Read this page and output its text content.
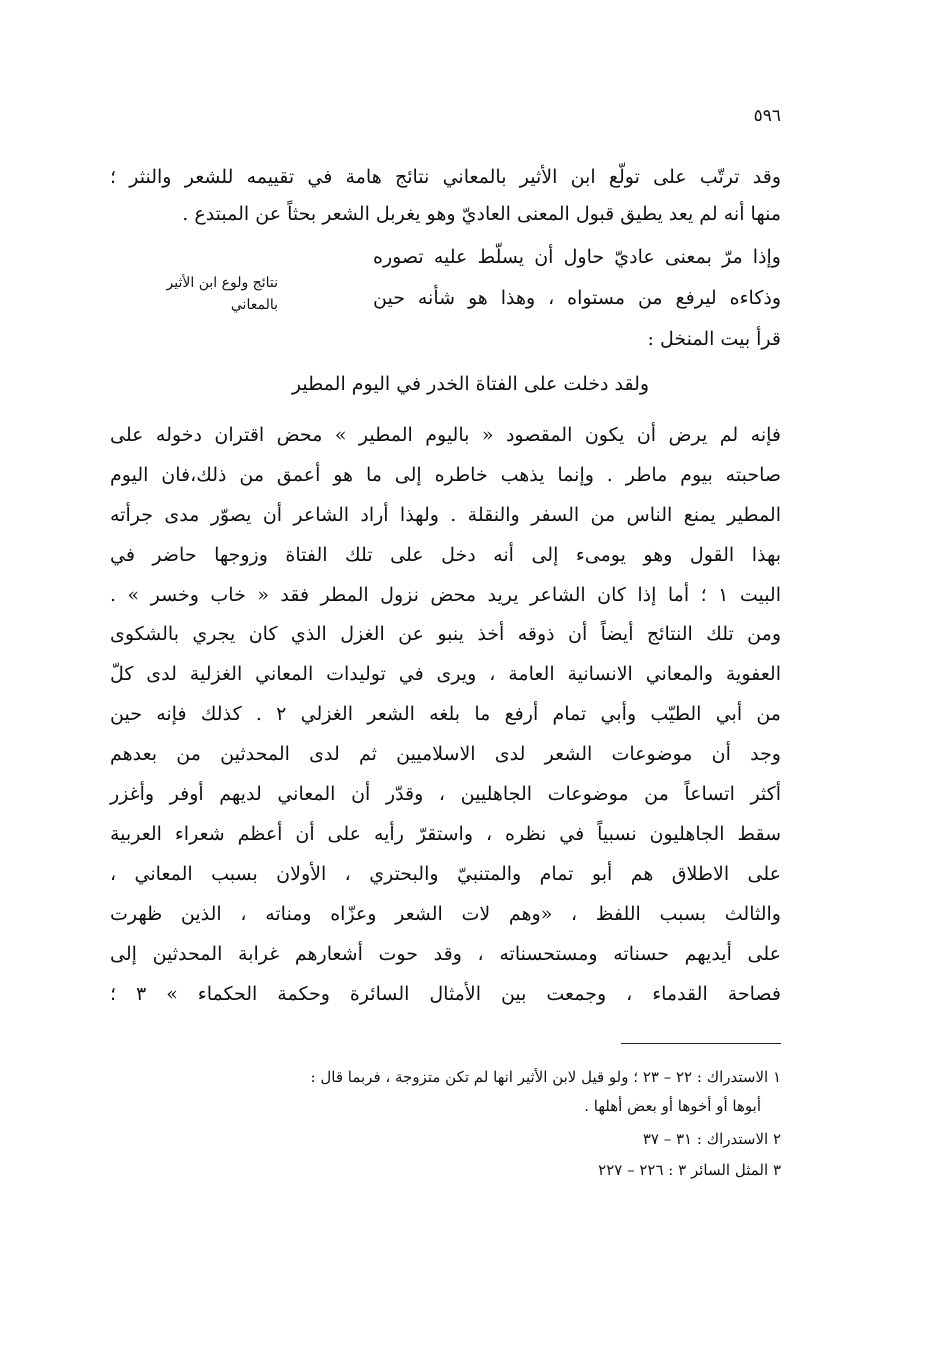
٥٩٦
وقد ترتّب على تولّع ابن الأثير بالمعاني نتائج هامة في تقييمه للشعر والنثر ؛
منها أنه لم يعد يطيق قبول المعنى العاديّ وهو يغربل الشعر بحثاً عن المبتدع .
وإذا مرّ بمعنى عاديّ حاول أن يسلّط عليه تصوره
وذكاءه ليرفع من مستواه ، وهذا هو شأنه حين
قرأ بيت المنخل :
نتائج ولوع ابن الأثير
بالمعاني
ولقد دخلت على الفتاة الخدر في اليوم المطير
فإنه لم يرض أن يكون المقصود « باليوم المطير » محض اقتران دخوله على
صاحبته بيوم ماطر . وإنما يذهب خاطره إلى ما هو أعمق من ذلك،فان اليوم
المطير يمنع الناس من السفر والنقلة . ولهذا أراد الشاعر أن يصوّر مدى جرأته
بهذا القول وهو يومىء إلى أنه دخل على تلك الفتاة وزوجها حاضر في
البيت ١ ؛ أما إذا كان الشاعر يريد محض نزول المطر فقد « خاب وخسر » .
ومن تلك النتائج أيضاً أن ذوقه أخذ ينبو عن الغزل الذي كان يجري بالشكوى
العفوية والمعاني الانسانية العامة ، ويرى في توليدات المعاني الغزلية لدى كلّ
من أبي الطيّب وأبي تمام أرفع ما بلغه الشعر الغزلي ٢ . كذلك فإنه حين
وجد أن موضوعات الشعر لدى الاسلاميين ثم لدى المحدثين من بعدهم
أكثر اتساعاً من موضوعات الجاهليين ، وقدّر أن المعاني لديهم أوفر وأغزر
سقط الجاهليون نسبياً في نظره ، واستقرّ رأيه على أن أعظم شعراء العربية
على الاطلاق هم أبو تمام والمتنبيّ والبحتري ، الأولان بسبب المعاني ،
والثالث بسبب اللفظ ، «وهم لات الشعر وعزّاه ومناته ، الذين ظهرت
على أيديهم حسناته ومستحسناته ، وقد حوت أشعارهم غرابة المحدثين إلى
فصاحة القدماء ، وجمعت بين الأمثال السائرة وحكمة الحكماء » ٣ ؛
١ الاستدراك : ٢٢ – ٢٣ ؛ ولو قيل لابن الأثير انها لم تكن متزوجة ، فربما قال :
أبوها أو أخوها أو بعض أهلها .
٢ الاستدراك : ٣١ – ٣٧
٣ المثل السائر ٣ : ٢٢٦ – ٢٢٧
